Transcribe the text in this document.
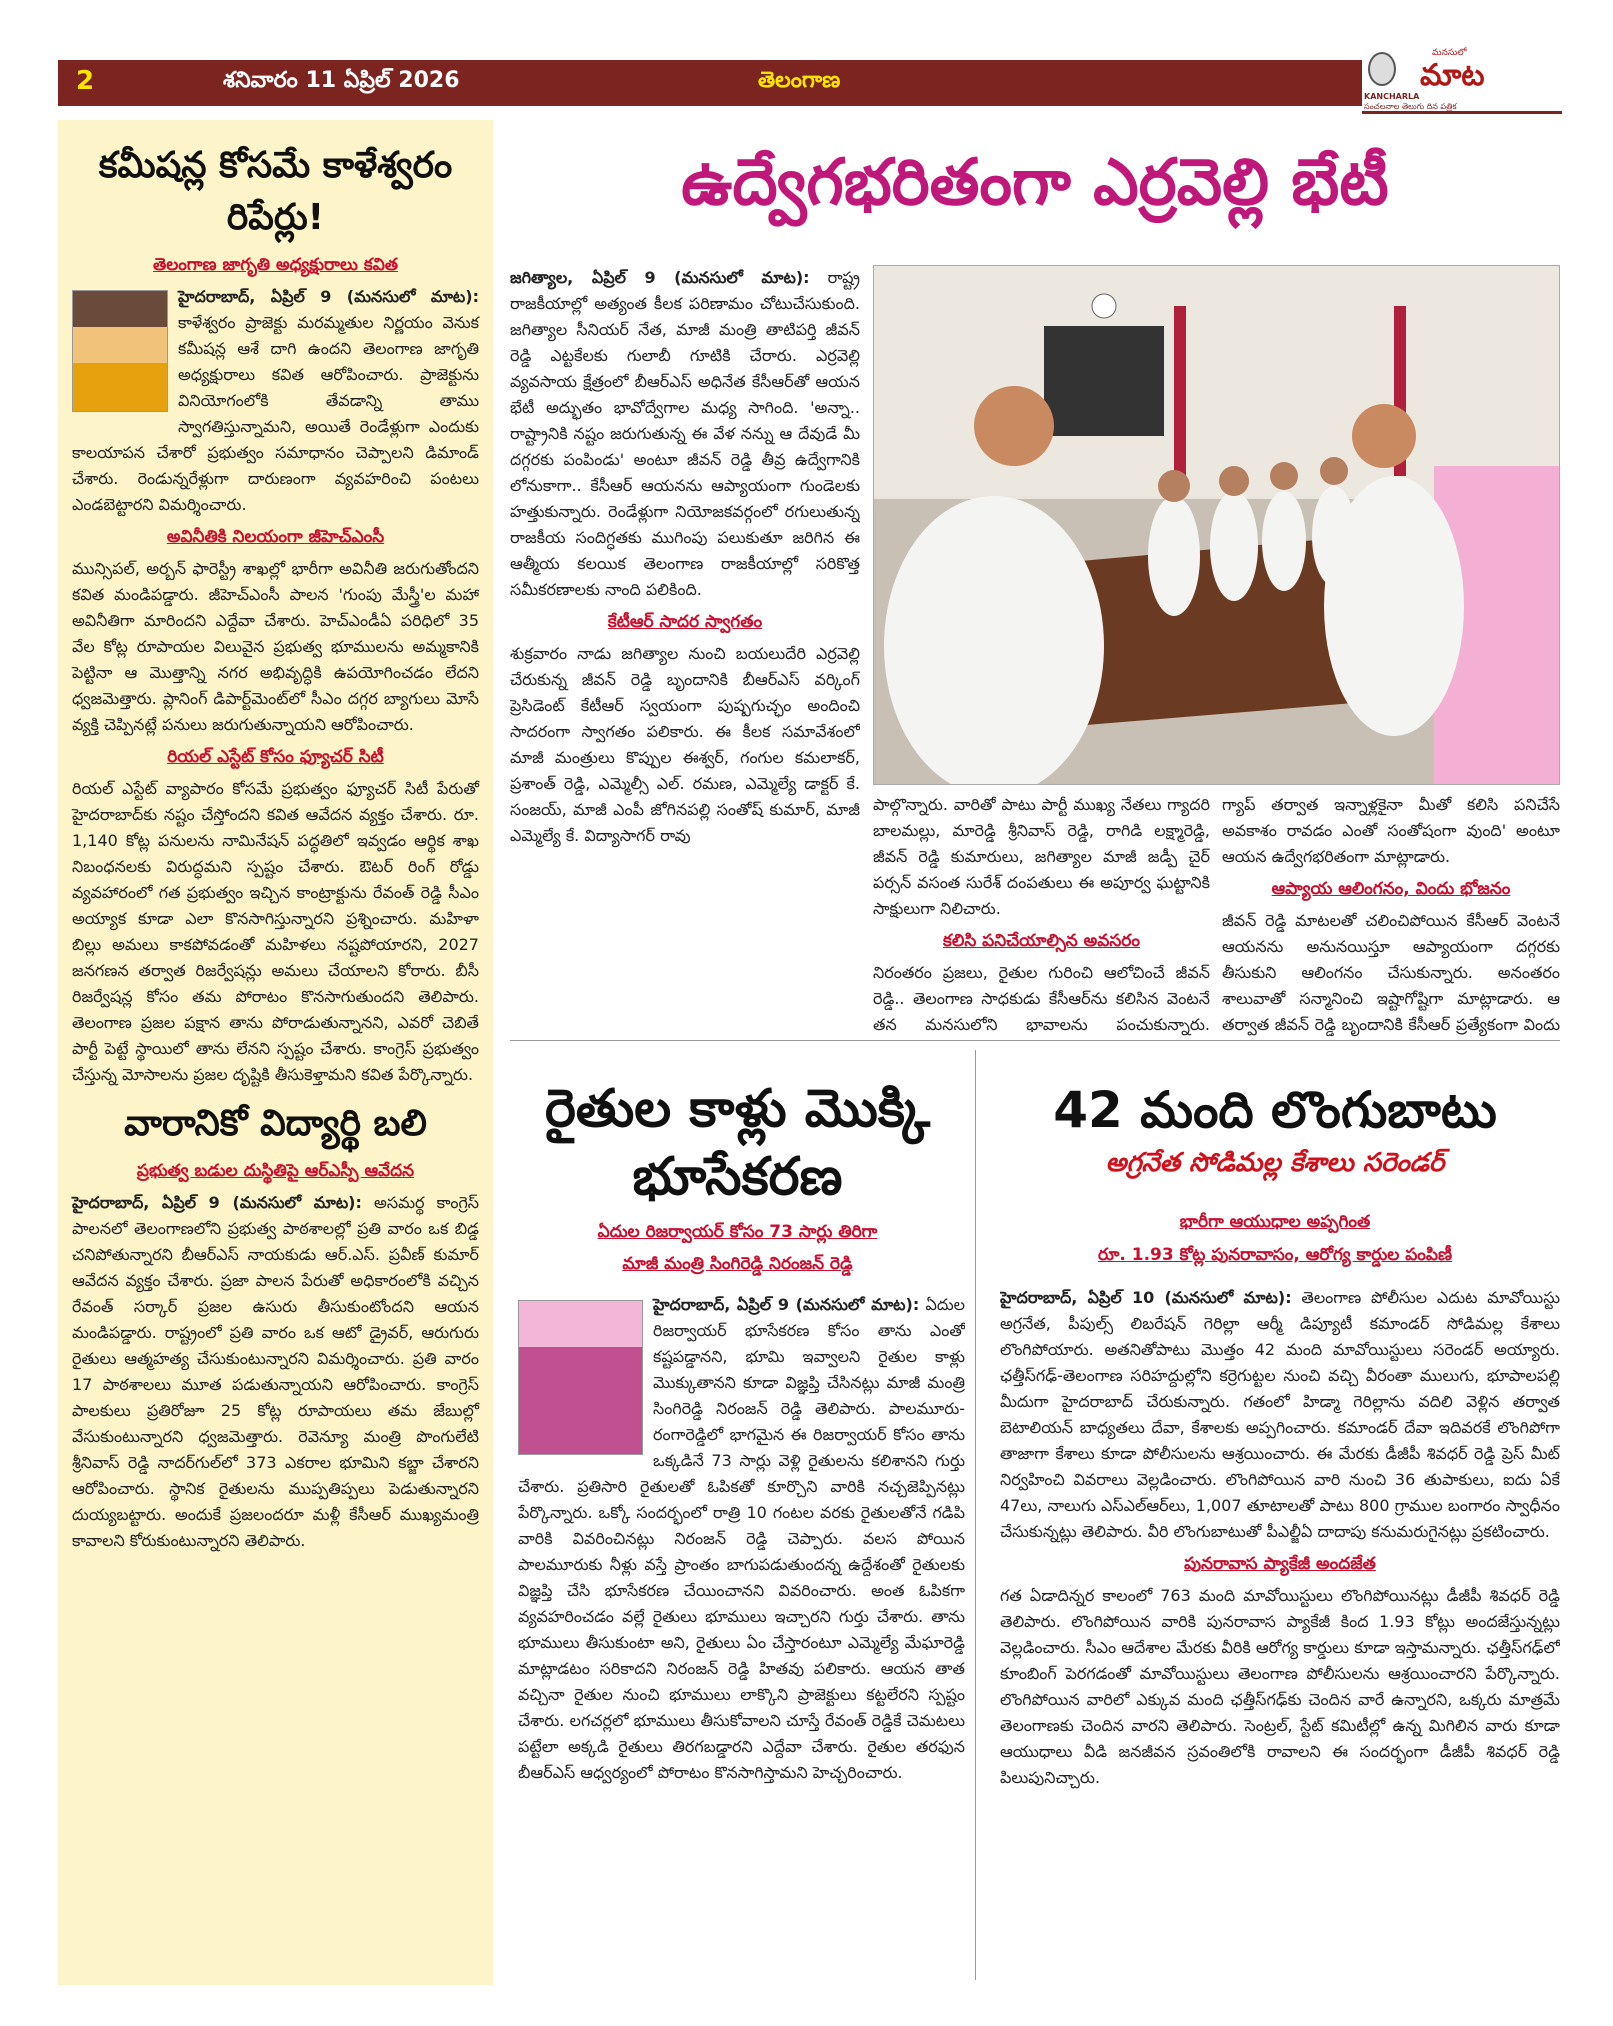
2	శనివారం 11 ఏప్రిల్ 2026	తెలంగాణ
మనసులో
మాట
KANCHARLA
సంచలనాల తెలుగు దిన పత్రిక
కమీషన్ల కోసమే కాళేశ్వరం రిపేర్లు!
తెలంగాణ జాగృతి అధ్యక్షురాలు కవిత
హైదరాబాద్, ఏప్రిల్ 9 (మనసులో మాట):
కాళేశ్వరం ప్రాజెక్టు మరమ్మతుల నిర్ణయం వెనుక కమీషన్ల ఆశే దాగి ఉందని తెలంగాణ జాగృతి అధ్యక్షురాలు కవిత ఆరోపించారు. ప్రాజెక్టును వినియోగంలోకి తేవడాన్ని తాము స్వాగతిస్తున్నామని, అయితే రెండేళ్లుగా ఎందుకు కాలయాపన చేశారో ప్రభుత్వం సమాధానం చెప్పాలని డిమాండ్ చేశారు. రెండున్నరేళ్లుగా దారుణంగా వ్యవహరించి పంటలు ఎండబెట్టారని విమర్శించారు.
అవినీతికి నిలయంగా జీహెచ్ఎంసీ

మున్సిపల్, అర్బన్ ఫారెస్ట్రీ శాఖల్లో భారీగా అవినీతి జరుగుతోందని కవిత మండిపడ్డారు. జీహెచ్ఎంసీ పాలన 'గుంపు మేస్త్రీ'ల మహా అవినీతిగా మారిందని ఎద్దేవా చేశారు. హెచ్ఎండీఏ పరిధిలో 35 వేల కోట్ల రూపాయల విలువైన ప్రభుత్వ భూములను అమ్మకానికి పెట్టినా ఆ మొత్తాన్ని నగర అభివృద్ధికి ఉపయోగించడం లేదని ధ్వజమెత్తారు. ప్లానింగ్ డిపార్ట్‌మెంట్‌లో సీఎం దగ్గర బ్యాగులు మోసే వ్యక్తి చెప్పినట్లే పనులు జరుగుతున్నాయని ఆరోపించారు.

రియల్ ఎస్టేట్ కోసం ఫ్యూచర్ సిటీ

రియల్ ఎస్టేట్ వ్యాపారం కోసమే ప్రభుత్వం ఫ్యూచర్ సిటీ పేరుతో హైదరాబాద్‌కు నష్టం చేస్తోందని కవిత ఆవేదన వ్యక్తం చేశారు. రూ. 1,140 కోట్ల పనులను నామినేషన్ పద్ధతిలో ఇవ్వడం ఆర్థిక శాఖ నిబంధనలకు విరుద్ధమని స్పష్టం చేశారు. ఔటర్ రింగ్ రోడ్డు వ్యవహారంలో గత ప్రభుత్వం ఇచ్చిన కాంట్రాక్టును రేవంత్ రెడ్డి సీఎం అయ్యాక కూడా ఎలా కొనసాగిస్తున్నారని ప్రశ్నించారు. మహిళా బిల్లు అమలు కాకపోవడంతో మహిళలు నష్టపోయారని, 2027 జనగణన తర్వాత రిజర్వేషన్లు అమలు చేయాలని కోరారు. బీసీ రిజర్వేషన్ల కోసం తమ పోరాటం కొనసాగుతుందని తెలిపారు. తెలంగాణ ప్రజల పక్షాన తాను పోరాడుతున్నానని, ఎవరో చెబితే పార్టీ పెట్టే స్థాయిలో తాను లేనని స్పష్టం చేశారు. కాంగ్రెస్ ప్రభుత్వం చేస్తున్న మోసాలను ప్రజల దృష్టికి తీసుకెళ్తామని కవిత పేర్కొన్నారు.

వారానికో విద్యార్థి బలి
ప్రభుత్వ బడుల దుస్థితిపై ఆర్ఎస్పీ ఆవేదన

హైదరాబాద్, ఏప్రిల్ 9 (మనసులో మాట): అసమర్థ కాంగ్రెస్ పాలనలో తెలంగాణలోని ప్రభుత్వ పాఠశాలల్లో ప్రతి వారం ఒక బిడ్డ చనిపోతున్నారని బీఆర్ఎస్ నాయకుడు ఆర్.ఎస్. ప్రవీణ్ కుమార్ ఆవేదన వ్యక్తం చేశారు. ప్రజా పాలన పేరుతో అధికారంలోకి వచ్చిన రేవంత్ సర్కార్ ప్రజల ఉసురు తీసుకుంటోందని ఆయన మండిపడ్డారు. రాష్ట్రంలో ప్రతి వారం ఒక ఆటో డ్రైవర్, ఆరుగురు రైతులు ఆత్మహత్య చేసుకుంటున్నారని విమర్శించారు. ప్రతి వారం 17 పాఠశాలలు మూత పడుతున్నాయని ఆరోపించారు. కాంగ్రెస్ పాలకులు ప్రతిరోజూ 25 కోట్ల రూపాయలు తమ జేబుల్లో వేసుకుంటున్నారని ధ్వజమెత్తారు. రెవెన్యూ మంత్రి పొంగులేటి శ్రీనివాస్ రెడ్డి నాదర్‌గుల్‌లో 373 ఎకరాల భూమిని కబ్జా చేశారని ఆరోపించారు. స్థానిక రైతులను ముప్పతిప్పలు పెడుతున్నారని దుయ్యబట్టారు. అందుకే ప్రజలందరూ మళ్లీ కేసీఆర్ ముఖ్యమంత్రి కావాలని కోరుకుంటున్నారని తెలిపారు.

ఉద్వేగభరితంగా ఎర్రవెల్లి భేటీ

జగిత్యాల, ఏప్రిల్ 9 (మనసులో మాట): రాష్ట్ర రాజకీయాల్లో అత్యంత కీలక పరిణామం చోటుచేసుకుంది. జగిత్యాల సీనియర్ నేత, మాజీ మంత్రి తాటిపర్తి జీవన్ రెడ్డి ఎట్టకేలకు గులాబీ గూటికి చేరారు. ఎర్రవెల్లి వ్యవసాయ క్షేత్రంలో బీఆర్ఎస్ అధినేత కేసీఆర్‌తో ఆయన భేటీ అద్భుతం భావోద్వేగాల మధ్య సాగింది. 'అన్నా.. రాష్ట్రానికి నష్టం జరుగుతున్న ఈ వేళ నన్ను ఆ దేవుడే మీ దగ్గరకు పంపిండు' అంటూ జీవన్ రెడ్డి తీవ్ర ఉద్వేగానికి లోనుకాగా.. కేసీఆర్ ఆయనను ఆప్యాయంగా గుండెలకు హత్తుకున్నారు. రెండేళ్లుగా నియోజకవర్గంలో రగులుతున్న రాజకీయ సందిగ్ధతకు ముగింపు పలుకుతూ జరిగిన ఈ ఆత్మీయ కలయిక తెలంగాణ రాజకీయాల్లో సరికొత్త సమీకరణాలకు నాంది పలికింది.

కేటీఆర్ సాదర స్వాగతం

శుక్రవారం నాడు జగిత్యాల నుంచి బయలుదేరి ఎర్రవెల్లి చేరుకున్న జీవన్ రెడ్డి బృందానికి బీఆర్ఎస్ వర్కింగ్ ప్రెసిడెంట్ కేటీఆర్ స్వయంగా పుష్పగుచ్ఛం అందించి సాదరంగా స్వాగతం పలికారు. ఈ కీలక సమావేశంలో మాజీ మంత్రులు కొప్పుల ఈశ్వర్, గంగుల కమలాకర్, ప్రశాంత్ రెడ్డి, ఎమ్మెల్సీ ఎల్. రమణ, ఎమ్మెల్యే డాక్టర్ కే. సంజయ్, మాజీ ఎంపీ జోగినపల్లి సంతోష్ కుమార్, మాజీ ఎమ్మెల్యే కే. విద్యాసాగర్ రావు

పాల్గొన్నారు. వారితో పాటు పార్టీ ముఖ్య నేతలు గ్యాదరి బాలమల్లు, మారెడ్డి శ్రీనివాస్ రెడ్డి, రాగిడి లక్ష్మారెడ్డి, జీవన్ రెడ్డి కుమారులు, జగిత్యాల మాజీ జడ్పీ చైర్ పర్సన్ వసంత సురేశ్ దంపతులు ఈ అపూర్వ ఘట్టానికి సాక్షులుగా నిలిచారు.

కలిసి పనిచేయాల్సిన అవసరం

నిరంతరం ప్రజలు, రైతుల గురించి ఆలోచించే జీవన్ రెడ్డి.. తెలంగాణ సాధకుడు కేసీఆర్‌ను కలిసిన వెంటనే తన మనసులోని భావాలను పంచుకున్నారు.

గ్యాప్ తర్వాత ఇన్నాళ్లకైనా మీతో కలిసి పనిచేసే అవకాశం రావడం ఎంతో సంతోషంగా వుంది' అంటూ ఆయన ఉద్వేగభరితంగా మాట్లాడారు.

ఆప్యాయ ఆలింగనం, విందు భోజనం

జీవన్ రెడ్డి మాటలతో చలించిపోయిన కేసీఆర్ వెంటనే ఆయనను అనునయిస్తూ ఆప్యాయంగా దగ్గరకు తీసుకుని ఆలింగనం చేసుకున్నారు. అనంతరం శాలువాతో సన్మానించి ఇష్టాగోష్టిగా మాట్లాడారు. ఆ తర్వాత జీవన్ రెడ్డి బృందానికి కేసీఆర్ ప్రత్యేకంగా విందు

రైతుల కాళ్లు మొక్కి భూసేకరణ
ఏదుల రిజర్వాయర్ కోసం 73 సార్లు తిరిగా
మాజీ మంత్రి సింగిరెడ్డి నిరంజన్ రెడ్డి
హైదరాబాద్, ఏప్రిల్ 9 (మనసులో మాట):
ఏదుల రిజర్వాయర్ భూసేకరణ కోసం తాను ఎంతో కష్టపడ్డానని, భూమి ఇవ్వాలని రైతుల కాళ్లు మొక్కుతానని కూడా విజ్ఞప్తి చేసినట్లు మాజీ మంత్రి సింగిరెడ్డి నిరంజన్ రెడ్డి తెలిపారు. పాలమూరు-రంగారెడ్డిలో భాగమైన ఈ రిజర్వాయర్ కోసం తాను ఒక్కడినే 73 సార్లు వెళ్లి రైతులను కలిశానని గుర్తు చేశారు. ప్రతిసారి రైతులతో ఓపికతో కూర్చొని వారికి నచ్చజెప్పినట్లు పేర్కొన్నారు. ఒక్కో సందర్భంలో రాత్రి 10 గంటల వరకు రైతులతోనే గడిపి వారికి వివరించినట్లు నిరంజన్ రెడ్డి చెప్పారు. వలస పోయిన పాలమూరుకు నీళ్లు వస్తే ప్రాంతం బాగుపడుతుందన్న ఉద్దేశంతో రైతులకు విజ్ఞప్తి చేసి భూసేకరణ చేయించానని వివరించారు. అంత ఓపికగా వ్యవహరించడం వల్లే రైతులు భూములు ఇచ్చారని గుర్తు చేశారు. తాను భూములు తీసుకుంటా అని, రైతులు ఏం చేస్తారంటూ ఎమ్మెల్యే మేఘారెడ్డి మాట్లాడటం సరికాదని నిరంజన్ రెడ్డి హితవు పలికారు. ఆయన తాత వచ్చినా రైతుల నుంచి భూములు లాక్కొని ప్రాజెక్టులు కట్టలేరని స్పష్టం చేశారు. లగచర్లలో భూములు తీసుకోవాలని చూస్తే రేవంత్ రెడ్డికే చెమటలు పట్టేలా అక్కడి రైతులు తిరగబడ్డారని ఎద్దేవా చేశారు. రైతుల తరఫున బీఆర్ఎస్ ఆధ్వర్యంలో పోరాటం కొనసాగిస్తామని హెచ్చరించారు.
42 మంది లొంగుబాటు
అగ్రనేత సోడిమల్ల కేశాలు సరెండర్
భారీగా ఆయుధాల అప్పగింత
రూ. 1.93 కోట్ల పునరావాసం, ఆరోగ్య కార్డుల పంపిణీ

హైదరాబాద్, ఏప్రిల్ 10 (మనసులో మాట): తెలంగాణ పోలీసుల ఎదుట మావోయిస్టు అగ్రనేత, పీపుల్స్ లిబరేషన్ గెరిల్లా ఆర్మీ డిప్యూటీ కమాండర్ సోడిమల్ల కేశాలు లొంగిపోయారు. అతనితోపాటు మొత్తం 42 మంది మావోయిస్టులు సరెండర్ అయ్యారు. ఛత్తీస్‌గఢ్-తెలంగాణ సరిహద్దుల్లోని కర్రెగుట్టల నుంచి వచ్చి వీరంతా ములుగు, భూపాలపల్లి మీదుగా హైదరాబాద్ చేరుకున్నారు. గతంలో హిడ్మా గెరిల్లాను వదిలి వెళ్లిన తర్వాత బెటాలియన్ బాధ్యతలు దేవా, కేశాలకు అప్పగించారు. కమాండర్ దేవా ఇదివరకే లొంగిపోగా తాజాగా కేశాలు కూడా పోలీసులను ఆశ్రయించారు. ఈ మేరకు డీజీపీ శివధర్ రెడ్డి ప్రెస్ మీట్ నిర్వహించి వివరాలు వెల్లడించారు. లొంగిపోయిన వారి నుంచి 36 తుపాకులు, ఐదు ఏకే 47లు, నాలుగు ఎస్ఎల్ఆర్‌లు, 1,007 తూటాలతో పాటు 800 గ్రాముల బంగారం స్వాధీనం చేసుకున్నట్లు తెలిపారు. వీరి లొంగుబాటుతో పీఎల్జీఏ దాదాపు కనుమరుగైనట్లు ప్రకటించారు.

పునరావాస ప్యాకేజీ అందజేత

గత ఏడాదిన్నర కాలంలో 763 మంది మావోయిస్టులు లొంగిపోయినట్లు డీజీపీ శివధర్ రెడ్డి తెలిపారు. లొంగిపోయిన వారికి పునరావాస ప్యాకేజీ కింద 1.93 కోట్లు అందజేస్తున్నట్లు వెల్లడించారు. సీఎం ఆదేశాల మేరకు వీరికి ఆరోగ్య కార్డులు కూడా ఇస్తామన్నారు. ఛత్తీస్‌గఢ్‌లో కూంబింగ్ పెరగడంతో మావోయిస్టులు తెలంగాణ పోలీసులను ఆశ్రయించారని పేర్కొన్నారు. లొంగిపోయిన వారిలో ఎక్కువ మంది ఛత్తీస్‌గఢ్‌కు చెందిన వారే ఉన్నారని, ఒక్కరు మాత్రమే తెలంగాణకు చెందిన వారని తెలిపారు. సెంట్రల్, స్టేట్ కమిటీల్లో ఉన్న మిగిలిన వారు కూడా ఆయుధాలు వీడి జనజీవన స్రవంతిలోకి రావాలని ఈ సందర్భంగా డీజీపీ శివధర్ రెడ్డి పిలుపునిచ్చారు.
